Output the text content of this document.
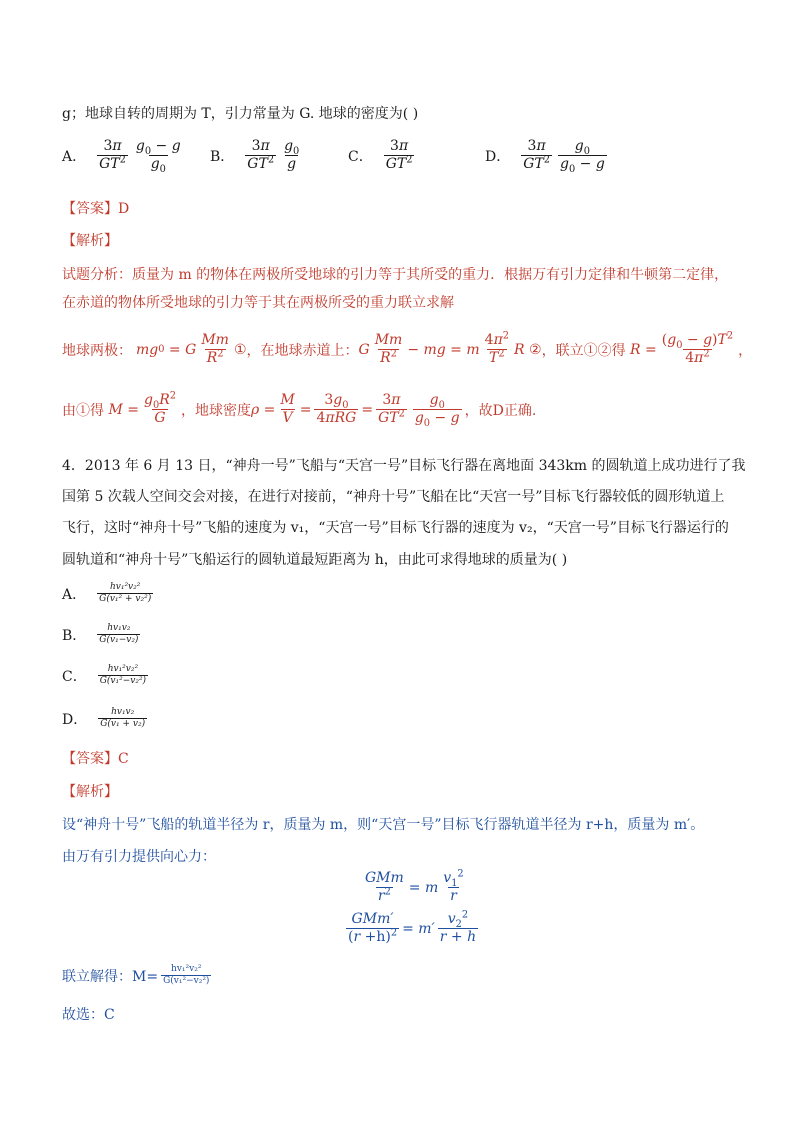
g；地球自转的周期为 T，引力常量为 G. 地球的密度为( )
A． $\frac{3\pi}{GT^2} \frac{g_0 - g}{g_0}$ B． $\frac{3\pi}{GT^2} \frac{g_0}{g}$	C． $\frac{3\pi}{GT^2}$	D． $\frac{3\pi}{GT^2} \frac{g_0}{g_0 - g}$
【答案】D
【解析】
试题分析：质量为 m 的物体在两极所受地球的引力等于其所受的重力．根据万有引力定律和牛顿第二定律，
在赤道的物体所受地球的引力等于其在两极所受的重力联立求解
地球两极： mg 0 = G $\frac{Mm}{R^2}$ ① ，在地球赤道上： G $\frac{Mm}{R^2}$ − mg = m $\frac{4\pi^2}{T^2}$ R
② ，联立①②得 $R = \frac{(g_0 - g)T^2}{4\pi^2}$ ，
由①得 $M = \frac{g_0R^2}{G}$ ，地球密度 $\rho = \frac{M}{V} = \frac{3g_0}{\text{4πRG}} = \frac{3\pi}{GT^2} \frac{g_0}{g_0 - g}$ ，故D正确.
4．2013 年 6 月 13 日，“神舟一号”飞船与“天宫一号”目标飞行器在离地面 343km 的圆轨道上成功进行了我
国第 5 次载人空间交会对接，在进行对接前，“神舟十号”飞船在比“天宫一号”目标飞行器较低的圆形轨道上
飞行，这时“神舟十号”飞船的速度为 v₁，“天宫一号”目标飞行器的速度为 v₂，“天宫一号”目标飞行器运行的
圆轨道和“神舟十号”飞船运行的圆轨道最短距离为 h，由此可求得地球的质量为( )
A． $\frac{\text{hv₁²v₂²}}{\text{G(v₁² + v₂²)}}$
B． $\frac{\text{hv₁v₂}}{\text{G(v₁−v₂)}}$
C． $\frac{\text{hv₁²v₂²}}{\text{G(v₁²−v₂²)}}$
D． $\frac{\text{hv₁v₂}}{\text{G(v₁ + v₂)}}$
【答案】C
【解析】
设“神舟十号”飞船的轨道半径为 r，质量为 m，则“天宫一号”目标飞行器轨道半径为 r+h，质量为 m′。
由万有引力提供向心力：
$\frac{\text{GMm}}{r^2} = m \frac{v_1^2}{r}$
$\frac{\text{GMm′}}{(r +h)^2} = m' \frac{v_2^2}{r + h}$
联立解得：$M= \frac{\text{hv₁²v₂²}}{\text{G(v₁²−v₂²)}}$
故选：C
